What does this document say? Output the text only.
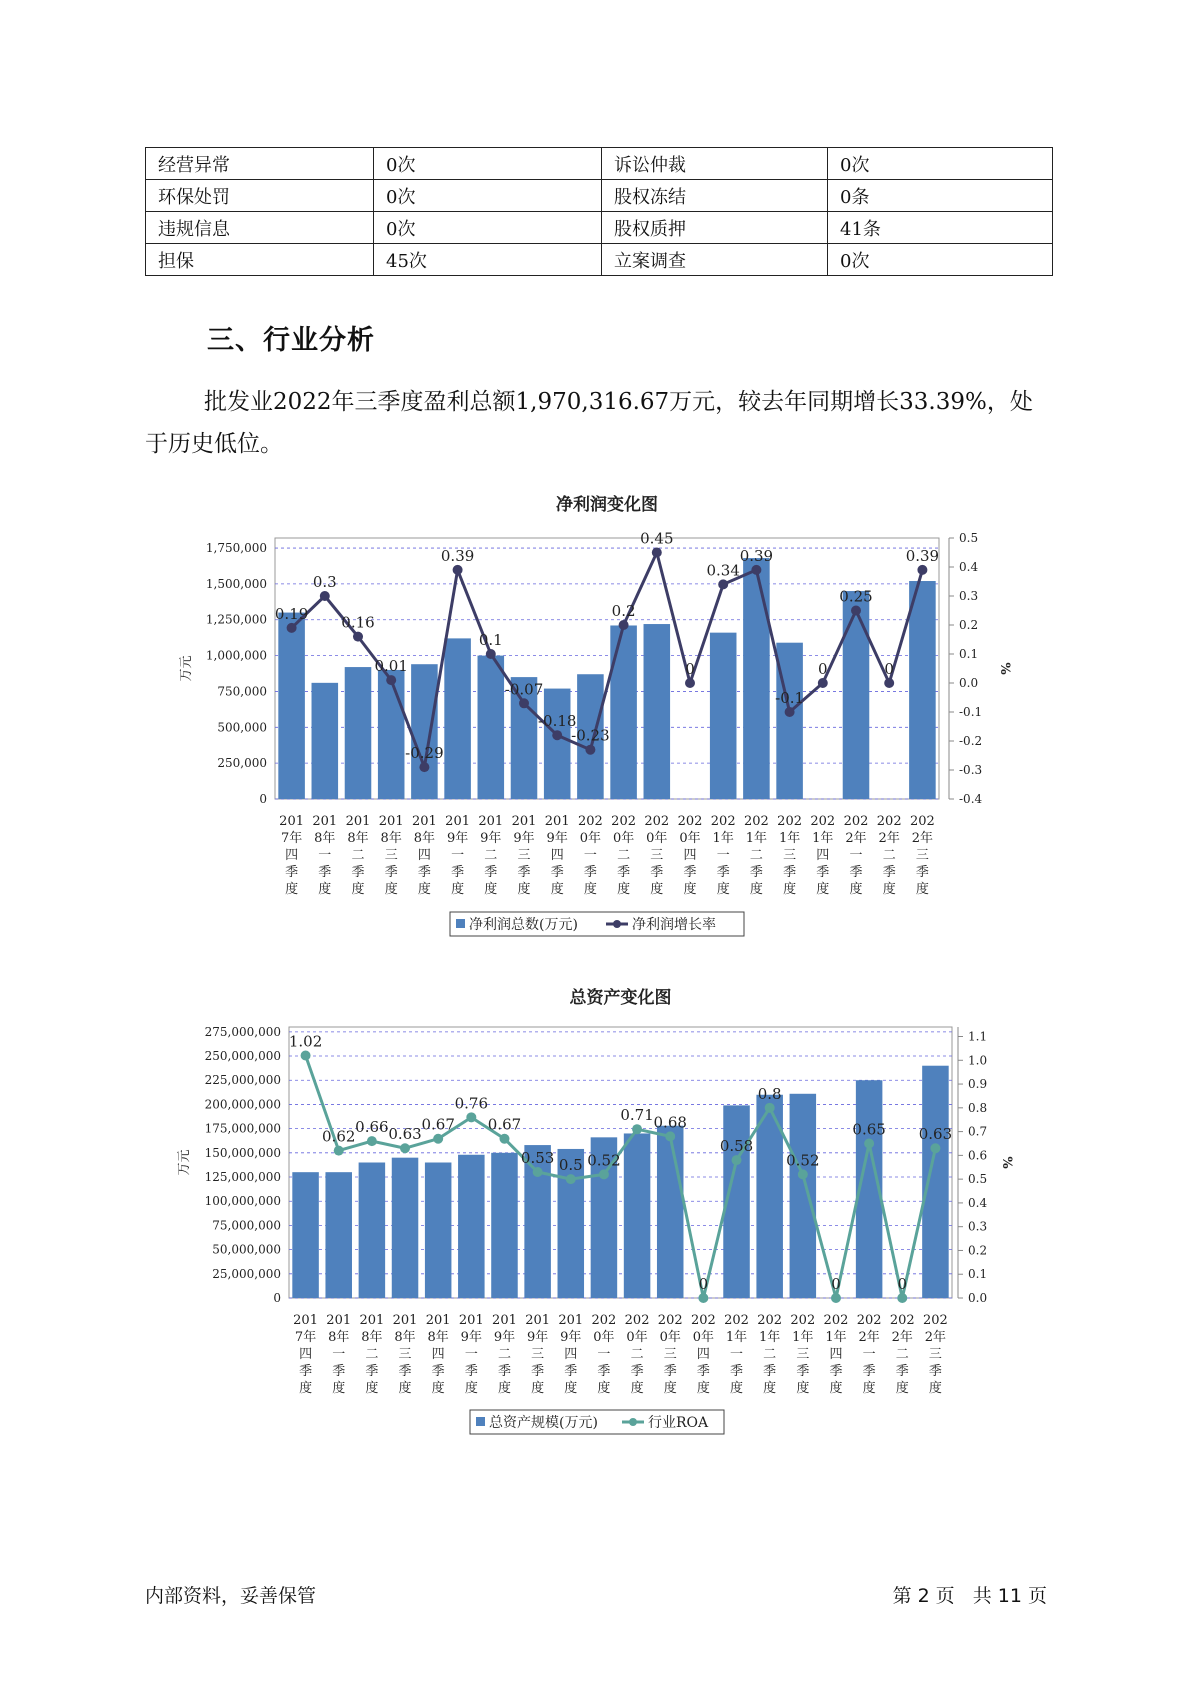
经营异常	0次	诉讼仲裁	0次
环保处罚	0次	股权冻结	0条
违规信息	0次	股权质押	41条
担保	45次	立案调查	0次
三、行业分析

批发业2022年三季度盈利总额1,970,316.67万元，较去年同期增长33.39%，处于历史低位。

净利润变化图
0
250,000
500,000
750,000
1,000,000
1,250,000
1,500,000
1,750,000
-0.4
-0.3
-0.2
-0.1
0.0
0.1
0.2
0.3
0.4
0.5
万元	%
201
7年
四
季
度
201
8年
一
季
度
201
8年
二
季
度
201
8年
三
季
度
201
8年
四
季
度
201
9年
一
季
度
201
9年
二
季
度
201
9年
三
季
度
201
9年
四
季
度
202
0年
一
季
度
202
0年
二
季
度
202
0年
三
季
度
202
0年
四
季
度
202
1年
一
季
度
202
1年
二
季
度
202
1年
三
季
度
202
1年
四
季
度
202
2年
一
季
度
202
2年
二
季
度
202
2年
三
季
度
0.19
0.3
0.16
0.01
-0.29
0.39
0.1
-0.07
-0.18
-0.23
0.2
0.45
0
0.34
0.39
-0.1
0
0.25
0
0.39
净利润总数(万元)	净利润增长率
总资产变化图
0
25,000,000
50,000,000
75,000,000
100,000,000
125,000,000
150,000,000
175,000,000
200,000,000
225,000,000
250,000,000
275,000,000
0.0
0.1
0.2
0.3
0.4
0.5
0.6
0.7
0.8
0.9
1.0
1.1
万元	%
201
7年
四
季
度
201
8年
一
季
度
201
8年
二
季
度
201
8年
三
季
度
201
8年
四
季
度
201
9年
一
季
度
201
9年
二
季
度
201
9年
三
季
度
201
9年
四
季
度
202
0年
一
季
度
202
0年
二
季
度
202
0年
三
季
度
202
0年
四
季
度
202
1年
一
季
度
202
1年
二
季
度
202
1年
三
季
度
202
1年
四
季
度
202
2年
一
季
度
202
2年
二
季
度
202
2年
三
季
度
1.02
0.62
0.66 0.63
0.67
0.76
0.67
0.53 0.5 0.52
0.71 0.68
0
0.58
0.8
0.52
0
0.65
0
0.63
总资产规模(万元)	行业ROA
内部资料，妥善保管	第 2 页 共 11 页
